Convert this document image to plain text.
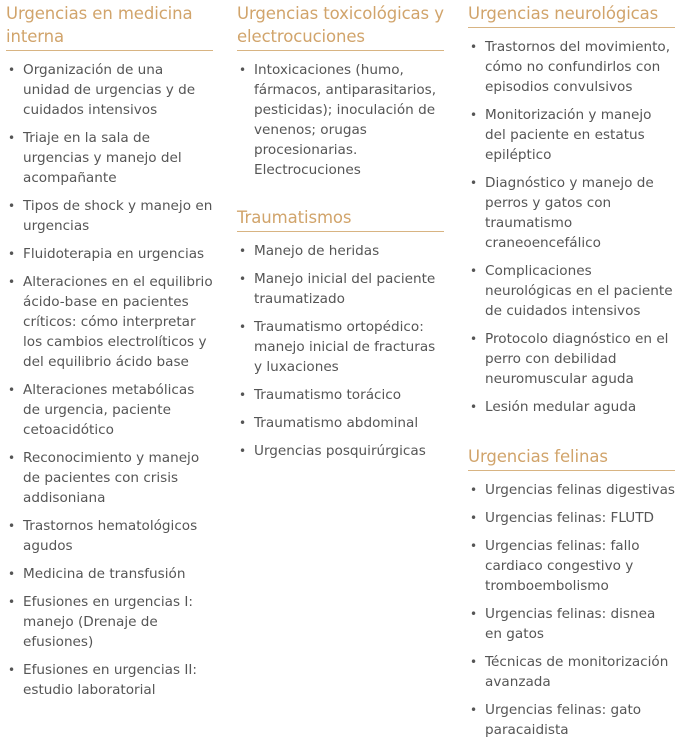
Urgencias en medicina interna
• Organización de una unidad de urgencias y de cuidados intensivos
• Triaje en la sala de urgencias y manejo del acompañante
• Tipos de shock y manejo en urgencias
• Fluidoterapia en urgencias
• Alteraciones en el equilibrio ácido-base en pacientes críticos: cómo interpretar los cambios electrolíticos y del equilibrio ácido base
• Alteraciones metabólicas de urgencia, paciente cetoacidótico
• Reconocimiento y manejo de pacientes con crisis addisoniana
• Trastornos hematológicos agudos
• Medicina de transfusión
• Efusiones en urgencias I: manejo (Drenaje de efusiones)
• Efusiones en urgencias II: estudio laboratorial
Urgencias toxicológicas y electrocuciones
• Intoxicaciones (humo, fármacos, antiparasitarios, pesticidas); inoculación de venenos; orugas procesionarias. Electrocuciones
Traumatismos
• Manejo de heridas
• Manejo inicial del paciente traumatizado
• Traumatismo ortopédico: manejo inicial de fracturas y luxaciones
• Traumatismo torácico
• Traumatismo abdominal
• Urgencias posquirúrgicas
Urgencias neurológicas
• Trastornos del movimiento, cómo no confundirlos con episodios convulsivos
• Monitorización y manejo del paciente en estatus epiléptico
• Diagnóstico y manejo de perros y gatos con traumatismo craneoencefálico
• Complicaciones neurológicas en el paciente de cuidados intensivos
• Protocolo diagnóstico en el perro con debilidad neuromuscular aguda
• Lesión medular aguda
Urgencias felinas
• Urgencias felinas digestivas
• Urgencias felinas: FLUTD
• Urgencias felinas: fallo cardiaco congestivo y tromboembolismo
• Urgencias felinas: disnea en gatos
• Técnicas de monitorización avanzada
• Urgencias felinas: gato paracaidista
